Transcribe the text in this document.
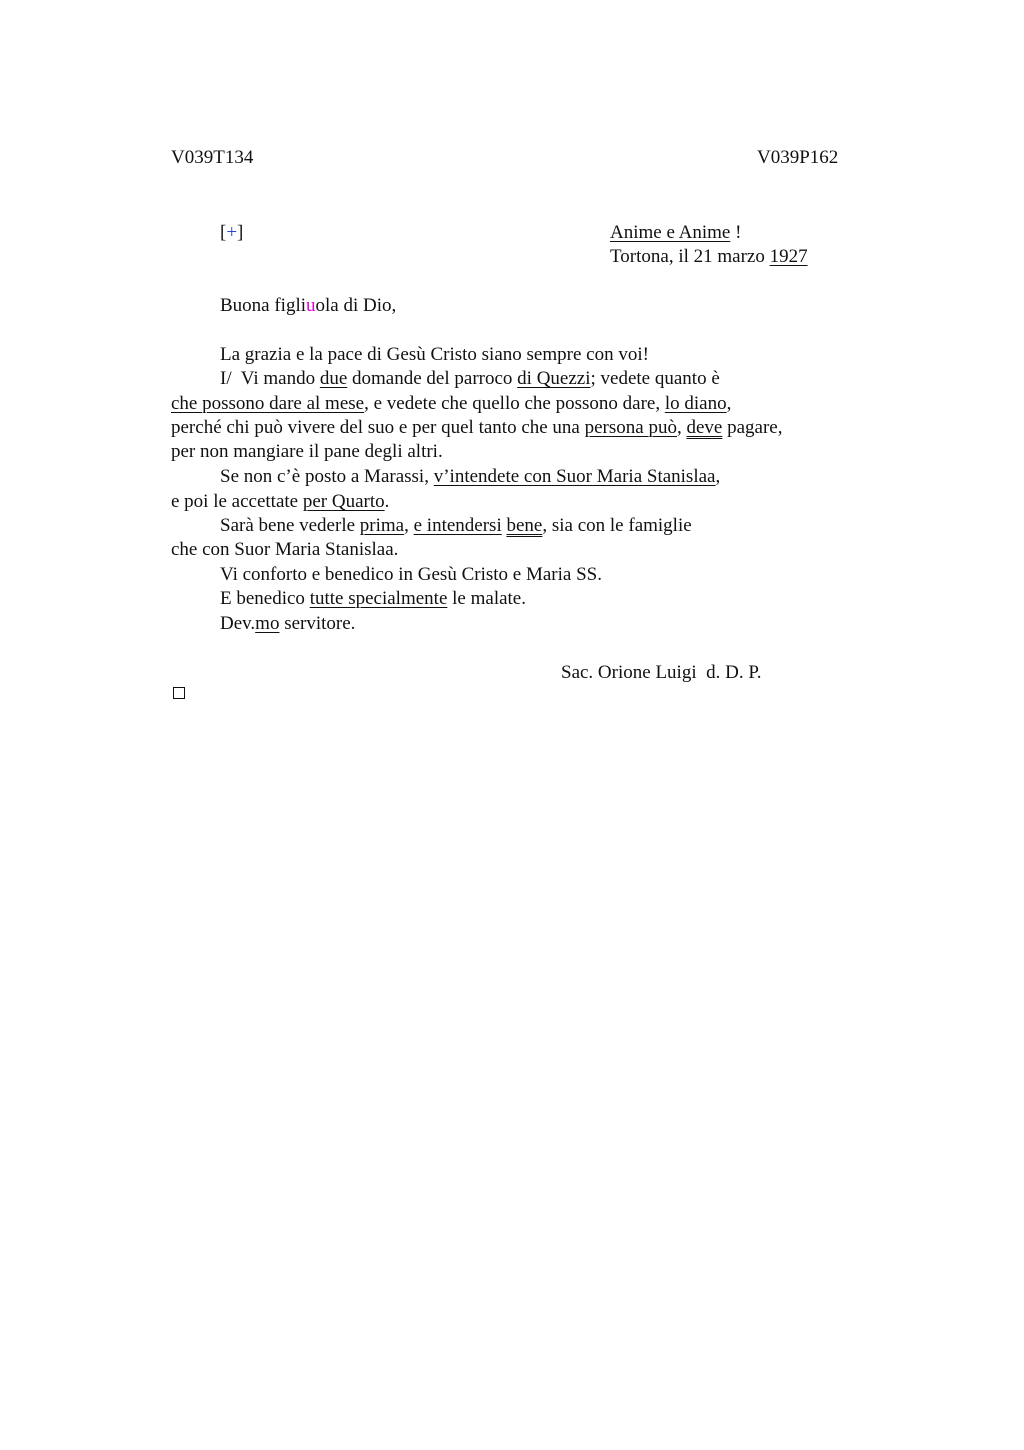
V039T134	V039P162
[+]	Anime e Anime !
Tortona, il 21 marzo 1927
Buona figliuola di Dio,
La grazia e la pace di Gesù Cristo siano sempre con voi!
I/  Vi mando due domande del parroco di Quezzi; vedete quanto è
che possono dare al mese, e vedete che quello che possono dare, lo diano,
perché chi può vivere del suo e per quel tanto che una persona può, deve pagare,
per non mangiare il pane degli altri.
Se non c’è posto a Marassi, v’intendete con Suor Maria Stanislaa,
e poi le accettate per Quarto.
Sarà bene vederle prima, e intendersi bene, sia con le famiglie
che con Suor Maria Stanislaa.
Vi conforto e benedico in Gesù Cristo e Maria SS.
E benedico tutte specialmente le malate.
Dev.mo servitore.
Sac. Orione Luigi  d. D. P.
